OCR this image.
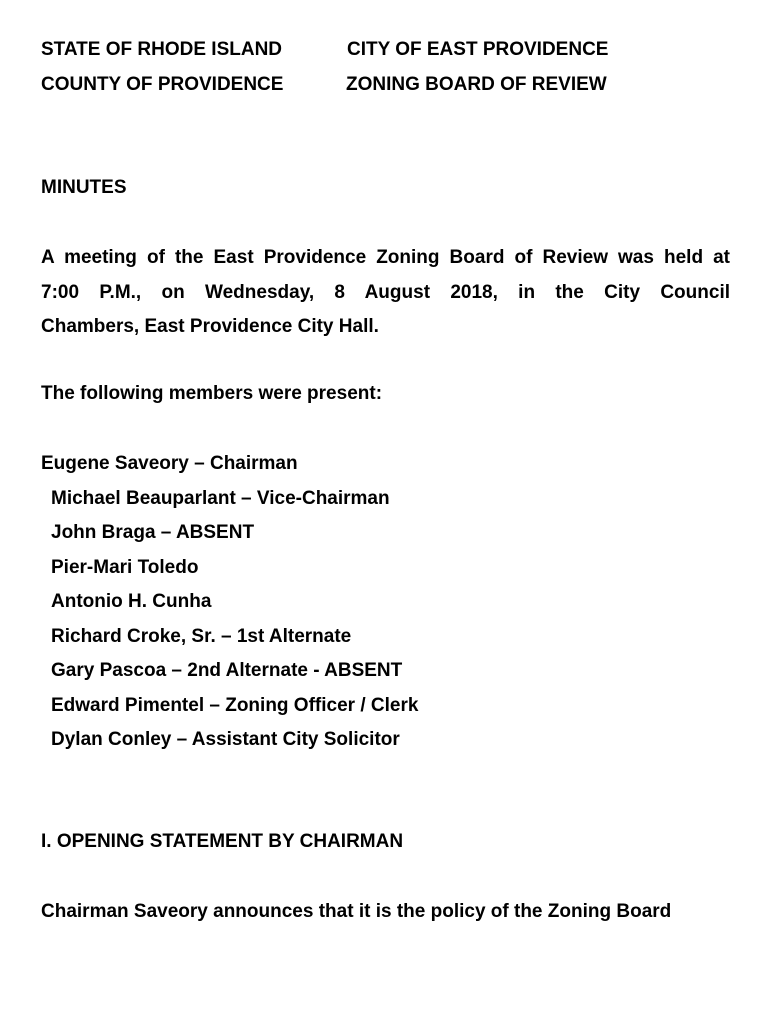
STATE OF RHODE ISLAND	CITY OF EAST PROVIDENCE
COUNTY OF PROVIDENCE	ZONING BOARD OF REVIEW
MINUTES
A meeting of the East Providence Zoning Board of Review was held at
7:00 P.M., on Wednesday, 8 August 2018, in the City Council
Chambers, East Providence City Hall.
The following members were present:
Eugene Saveory – Chairman
Michael Beauparlant – Vice-Chairman
John Braga – ABSENT
Pier-Mari Toledo
Antonio H. Cunha
Richard Croke, Sr. – 1st Alternate
Gary Pascoa – 2nd Alternate - ABSENT
Edward Pimentel – Zoning Officer / Clerk
Dylan Conley – Assistant City Solicitor
I. OPENING STATEMENT BY CHAIRMAN
Chairman Saveory announces that it is the policy of the Zoning Board
